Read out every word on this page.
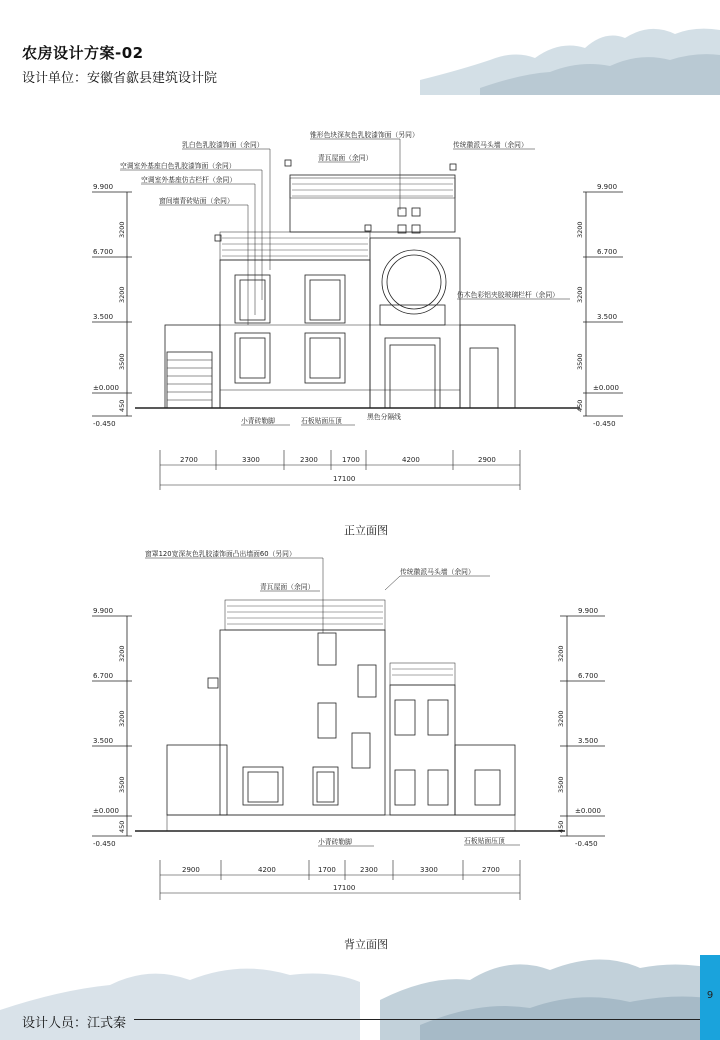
农房设计方案-02
设计单位：安徽省歙县建筑设计院
9.900
6.700
3.500
±0.000
-0.450
3200
3200
3500
450
9.900
6.700
3.500
±0.000
-0.450
3200
3200
3500
450
锥形色块深灰色乳胶漆饰面（另同）
乳白色乳胶漆饰面（余同）
青瓦屋面（余同）
传统徽派马头墙（余同）
空调室外基座白色乳胶漆饰面（余同）
空调室外基座仿古栏杆（余同）
窗间墙青砖贴面（余同）
仿木色彩铝夹胶玻璃栏杆（余同）
小青砖勒脚	石板贴面压顶	黑色分隔线
2700	3300	2300	1700	4200	2900
17100
正立面图
9.900
6.700
3.500
±0.000
-0.450
3200
3200
3500
450
9.900
6.700
3.500
±0.000
-0.450
3200
3200
3500
450
窗罩120宽深灰色乳胶漆饰面凸出墙面60（另同）
青瓦屋面（余同）
传统徽派马头墙（余同）
小青砖勒脚	石板贴面压顶
2900	4200	1700	2300	3300	2700
17100
背立面图
设计人员：江式秦
9
